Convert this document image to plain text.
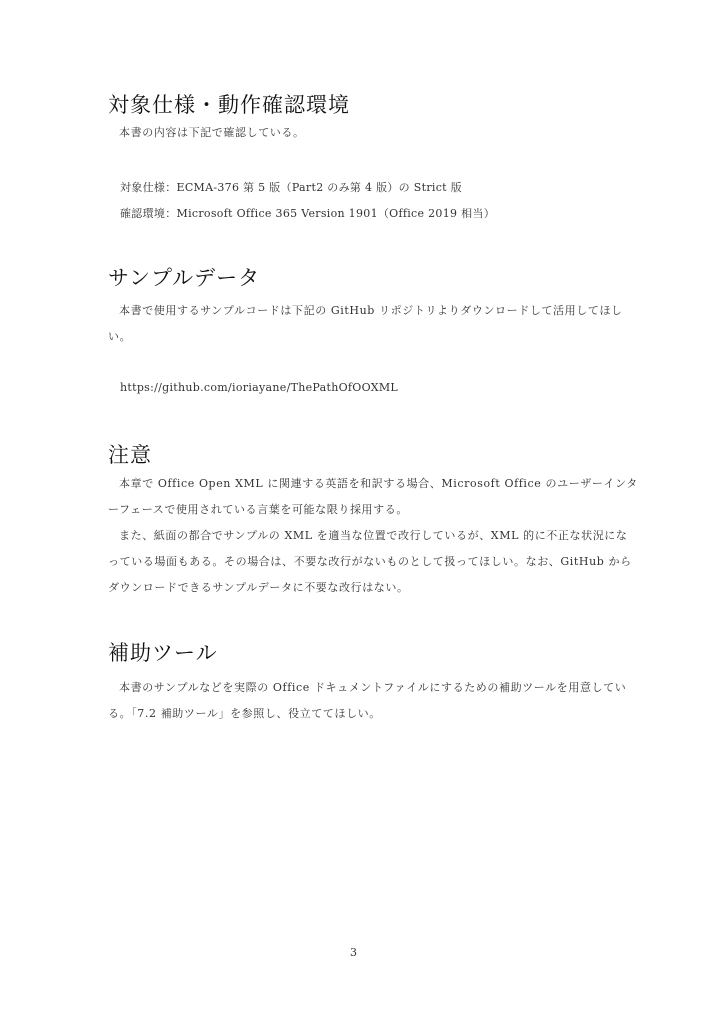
対象仕様・動作確認環境

本書の内容は下記で確認している。

対象仕様：ECMA-376 第 5 版（Part2 のみ第 4 版）の Strict 版

確認環境：Microsoft Office 365 Version 1901（Office 2019 相当）

サンプルデータ

本書で使用するサンプルコードは下記の GitHub リポジトリよりダウンロードして活用してほしい。

https://github.com/ioriayane/ThePathOfOOXML

注意

本章で Office Open XML に関連する英語を和訳する場合、Microsoft Office のユーザーインターフェースで使用されている言葉を可能な限り採用する。

また、紙面の都合でサンプルの XML を適当な位置で改行しているが、XML 的に不正な状況になっている場面もある。その場合は、不要な改行がないものとして扱ってほしい。なお、GitHub からダウンロードできるサンプルデータに不要な改行はない。

補助ツール

本書のサンプルなどを実際の Office ドキュメントファイルにするための補助ツールを用意している。「7.2 補助ツール」を参照し、役立ててほしい。

3
